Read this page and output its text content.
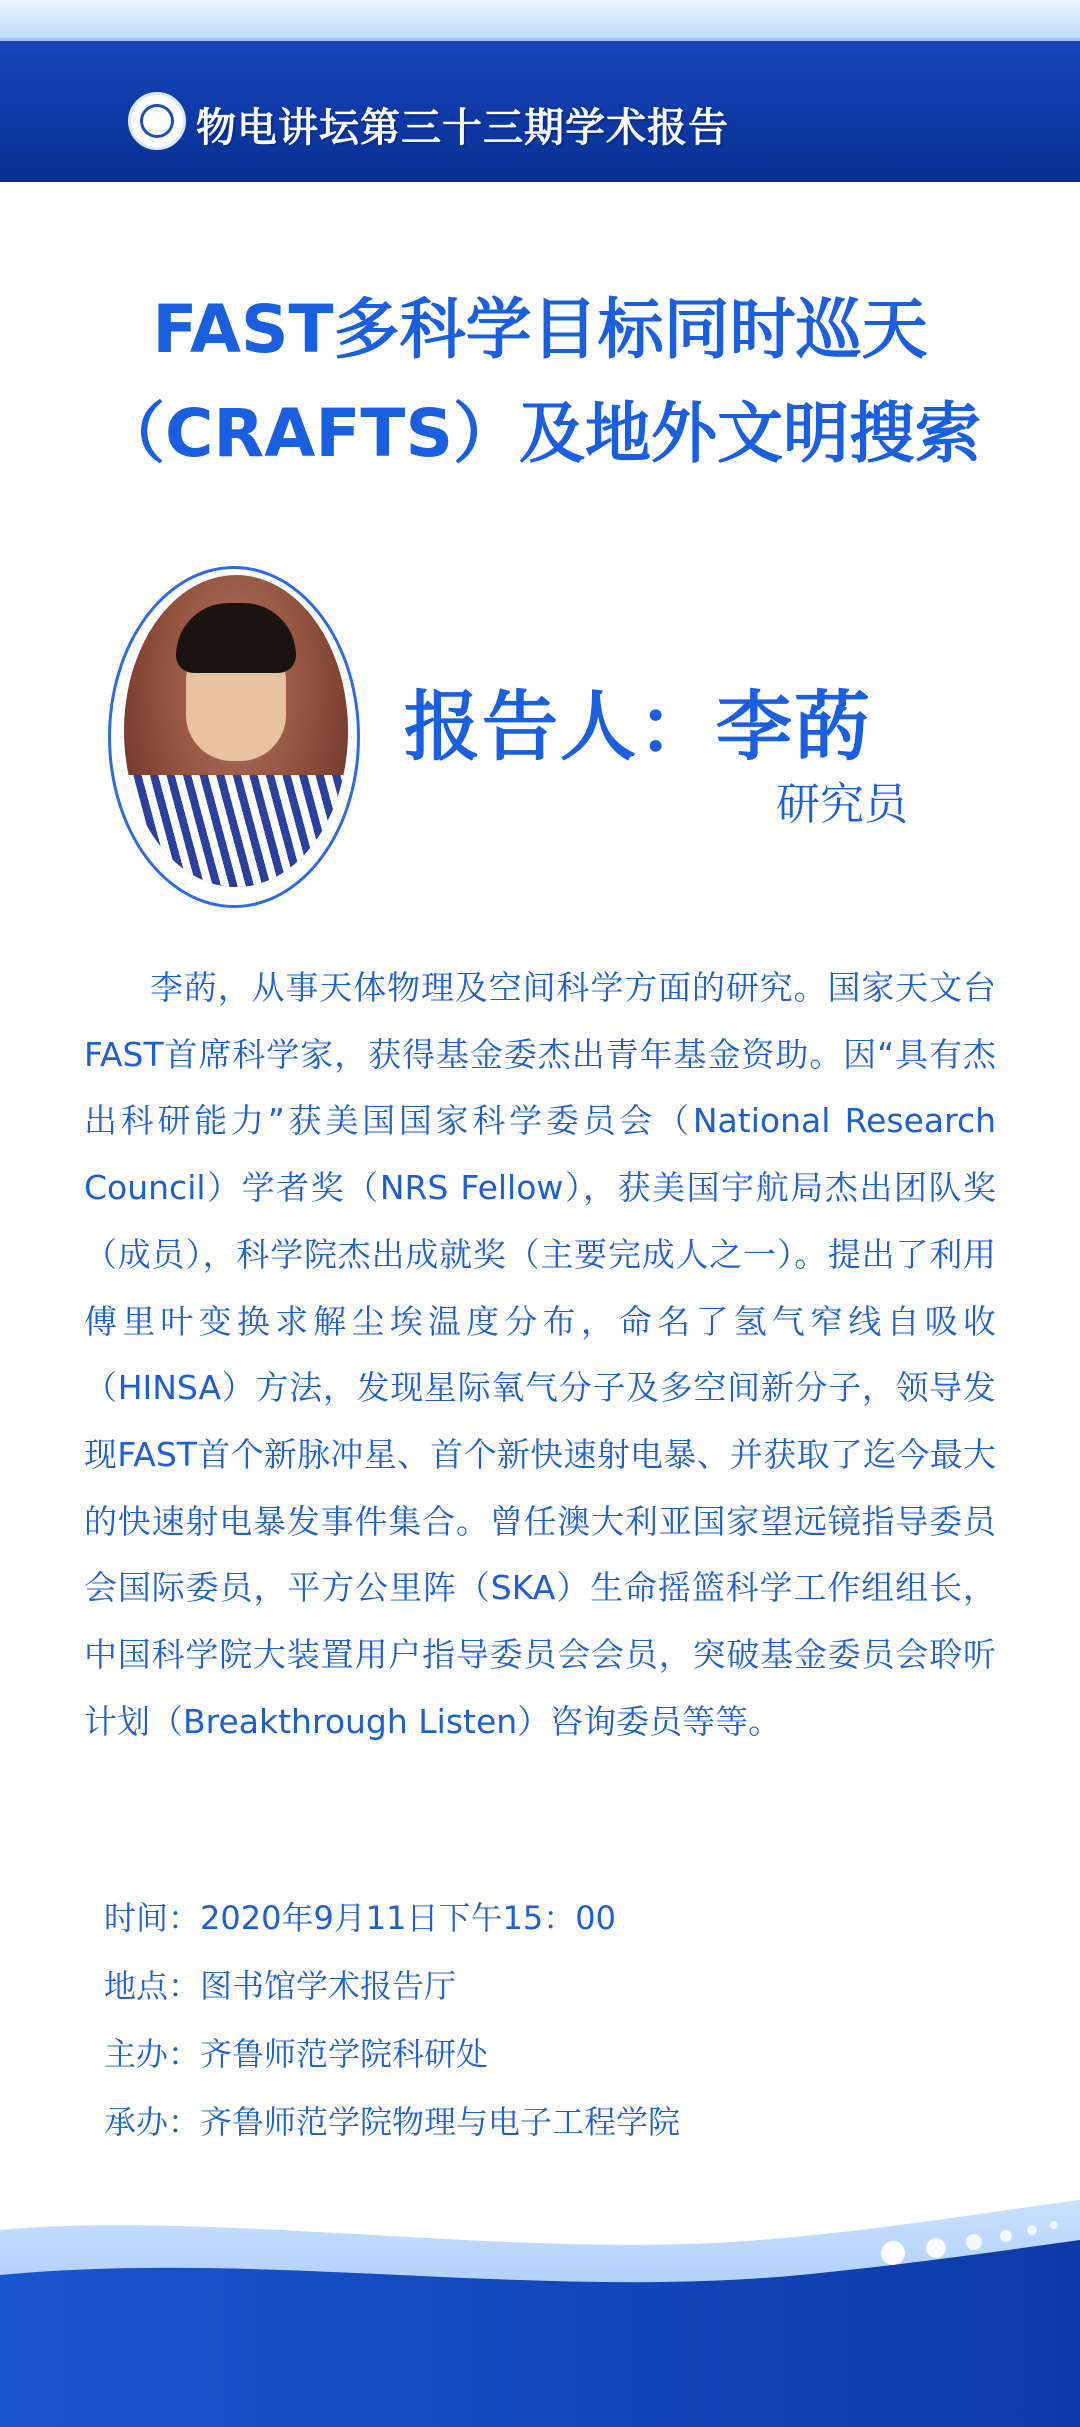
物电讲坛第三十三期学术报告
FAST多科学目标同时巡天
（CRAFTS）及地外文明搜索
报告人：李菂
研究员
李菂，从事天体物理及空间科学方面的研究。国家天文台FAST首席科学家，获得基金委杰出青年基金资助。因“具有杰出科研能力”获美国国家科学委员会（National Research Council）学者奖（NRS Fellow），获美国宇航局杰出团队奖（成员），科学院杰出成就奖（主要完成人之一）。提出了利用傅里叶变换求解尘埃温度分布，命名了氢气窄线自吸收（HINSA）方法，发现星际氧气分子及多空间新分子，领导发现FAST首个新脉冲星、首个新快速射电暴、并获取了迄今最大的快速射电暴发事件集合。曾任澳大利亚国家望远镜指导委员会国际委员，平方公里阵（SKA）生命摇篮科学工作组组长，中国科学院大装置用户指导委员会会员，突破基金委员会聆听计划（Breakthrough Listen）咨询委员等等。
时间：2020年9月11日下午15：00
地点：图书馆学术报告厅
主办：齐鲁师范学院科研处
承办：齐鲁师范学院物理与电子工程学院
